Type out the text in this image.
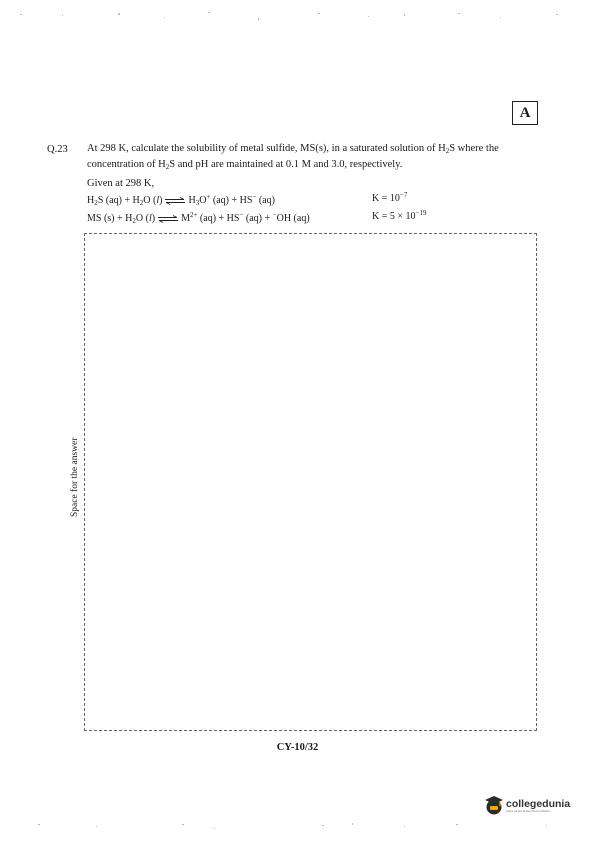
A
Q.23 At 298 K, calculate the solubility of metal sulfide, MS(s), in a saturated solution of $H_2S$ where the concentration of $H_2S$ and pH are maintained at 0.1 M and 3.0, respectively.
Given at 298 K,
$H_2S$ $(aq) + H_2O$ (l) ⇌ $H_3O^+$ (aq) + HS− (aq)	$K = 10^{-7}$
MS $(s) + H_2O$ (l) ⇌ $M^{2+}$ (aq) + HS− (aq) + −OH (aq)	$K = 5 \times 10^{-19}$
Space for the answer
CY-10/32
collegedunia
India's Largest Student Review Platform
